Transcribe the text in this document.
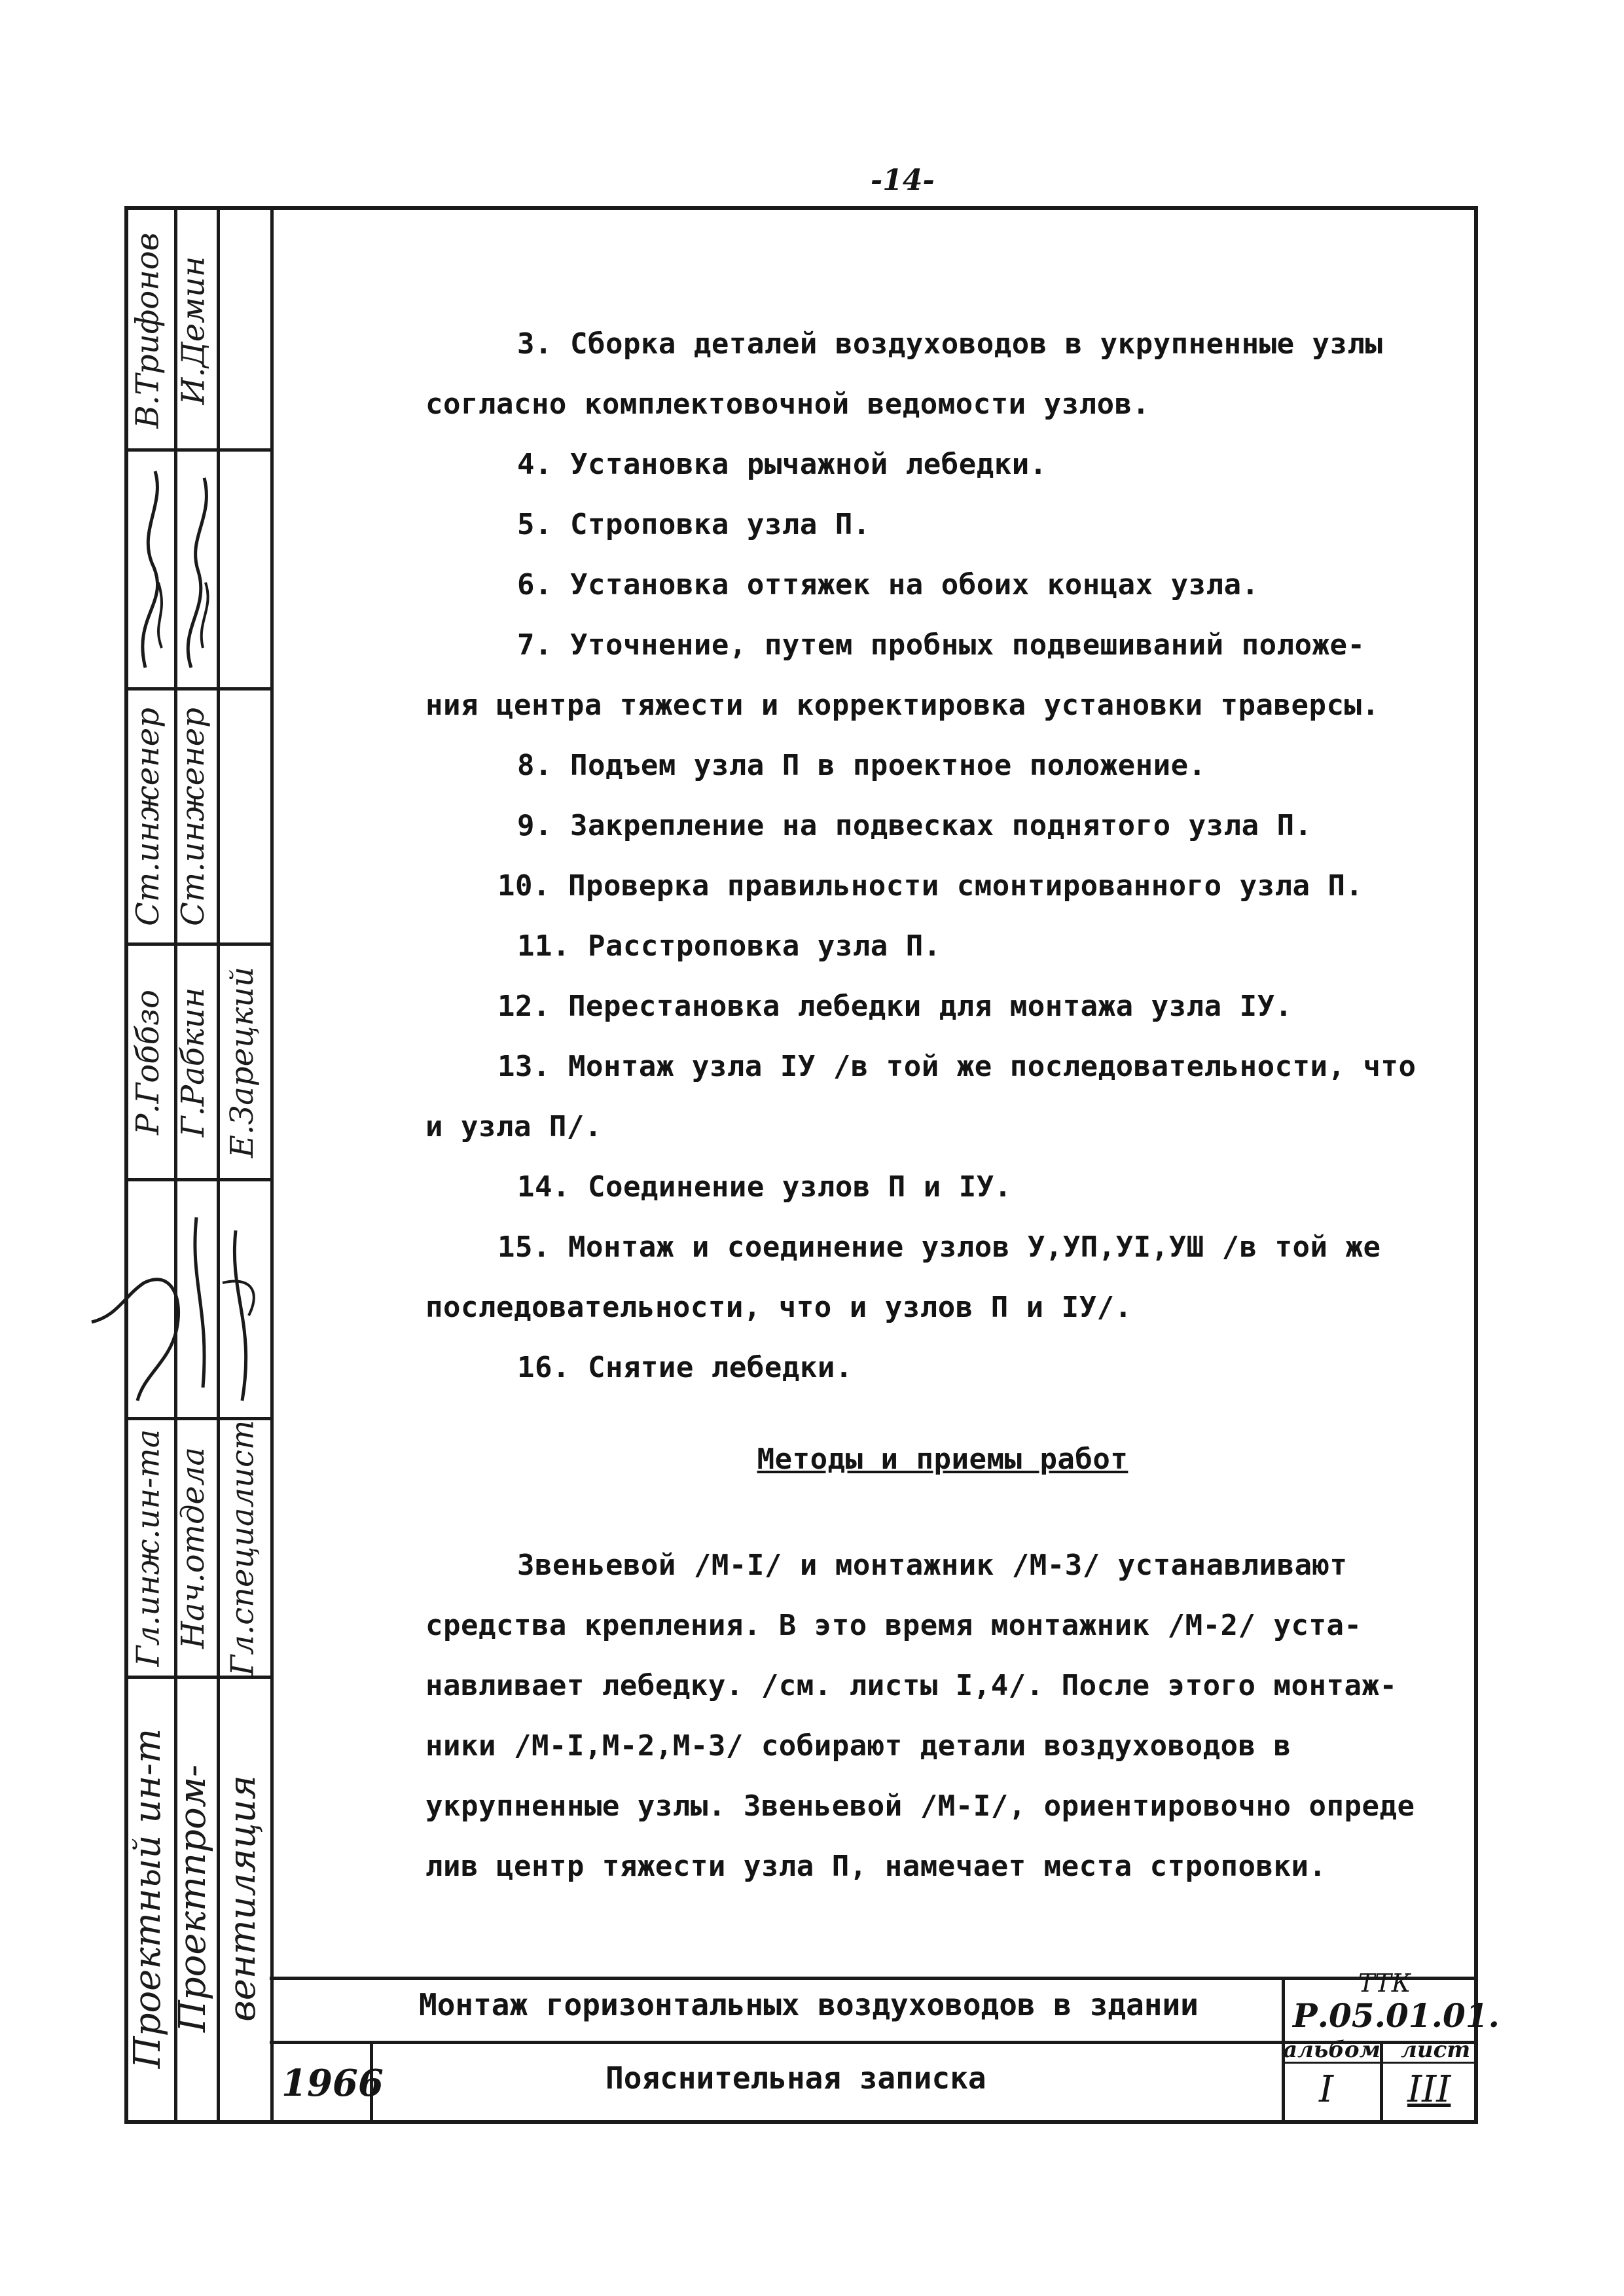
-14-
В.Трифонов
Ст.инженер
Р.Гоббзо
Гл.инж.ин-та
И.Демин
Ст.инженер
Г.Рабкин
Нач.отдела
Е.Зарецкий
Гл.специалист
Проектный ин-т Проектпром- вентиляция

3. Сборка деталей воздуховодов в укрупненные узлы

согласно комплектовочной ведомости узлов.

4. Установка рычажной лебедки.

5. Строповка узла П.

6. Установка оттяжек на обоих концах узла.

7. Уточнение, путем пробных подвешиваний положе-

ния центра тяжести и корректировка установки траверсы.

8. Подъем узла П в проектное положение.

9. Закрепление на подвесках поднятого узла П.

10. Проверка правильности смонтированного узла П.

11. Расстроповка узла П.

12. Перестановка лебедки для монтажа узла IУ.

13. Монтаж узла IУ /в той же последовательности, что

и узла П/.

14. Соединение узлов П и IУ.

15. Монтаж и соединение узлов У,УП,УI,УШ /в той же

последовательности, что и узлов П и IУ/.

16. Снятие лебедки.

Методы и приемы работ

Звеньевой /М-I/ и монтажник /М-3/ устанавливают

средства крепления. В это время монтажник /М-2/ уста-

навливает лебедку. /см. листы I,4/. После этого монтаж-

ники /М-I,М-2,М-3/ собирают детали воздуховодов в

укрупненные узлы. Звеньевой /М-I/, ориентировочно опреде

лив центр тяжести узла П, намечает места строповки.

Монтаж горизонтальных воздуховодов в здании
Пояснительная записка
1966
ТТК
Р.05.01.01.
альбом
I
лист
III
